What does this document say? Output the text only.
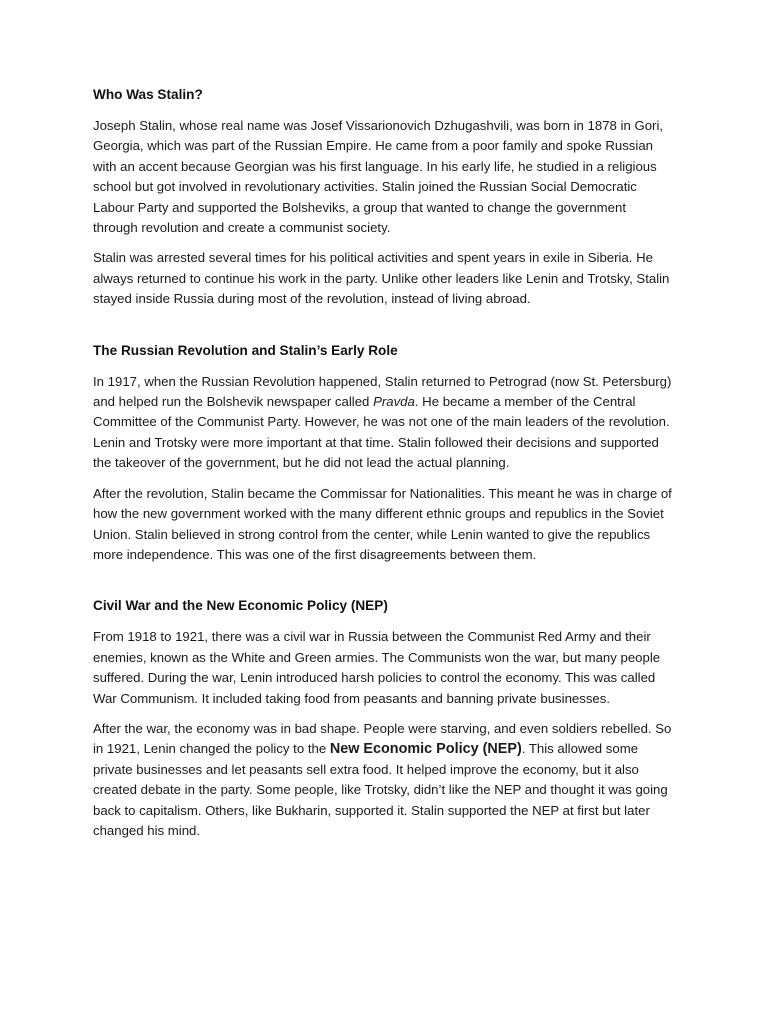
Who Was Stalin?

Joseph Stalin, whose real name was Josef Vissarionovich Dzhugashvili, was born in 1878 in Gori, Georgia, which was part of the Russian Empire. He came from a poor family and spoke Russian with an accent because Georgian was his first language. In his early life, he studied in a religious school but got involved in revolutionary activities. Stalin joined the Russian Social Democratic Labour Party and supported the Bolsheviks, a group that wanted to change the government through revolution and create a communist society.

Stalin was arrested several times for his political activities and spent years in exile in Siberia. He always returned to continue his work in the party. Unlike other leaders like Lenin and Trotsky, Stalin stayed inside Russia during most of the revolution, instead of living abroad.

The Russian Revolution and Stalin’s Early Role

In 1917, when the Russian Revolution happened, Stalin returned to Petrograd (now St. Petersburg) and helped run the Bolshevik newspaper called Pravda. He became a member of the Central Committee of the Communist Party. However, he was not one of the main leaders of the revolution. Lenin and Trotsky were more important at that time. Stalin followed their decisions and supported the takeover of the government, but he did not lead the actual planning.

After the revolution, Stalin became the Commissar for Nationalities. This meant he was in charge of how the new government worked with the many different ethnic groups and republics in the Soviet Union. Stalin believed in strong control from the center, while Lenin wanted to give the republics more independence. This was one of the first disagreements between them.

Civil War and the New Economic Policy (NEP)

From 1918 to 1921, there was a civil war in Russia between the Communist Red Army and their enemies, known as the White and Green armies. The Communists won the war, but many people suffered. During the war, Lenin introduced harsh policies to control the economy. This was called War Communism. It included taking food from peasants and banning private businesses.

After the war, the economy was in bad shape. People were starving, and even soldiers rebelled. So in 1921, Lenin changed the policy to the New Economic Policy (NEP). This allowed some private businesses and let peasants sell extra food. It helped improve the economy, but it also created debate in the party. Some people, like Trotsky, didn’t like the NEP and thought it was going back to capitalism. Others, like Bukharin, supported it. Stalin supported the NEP at first but later changed his mind.
